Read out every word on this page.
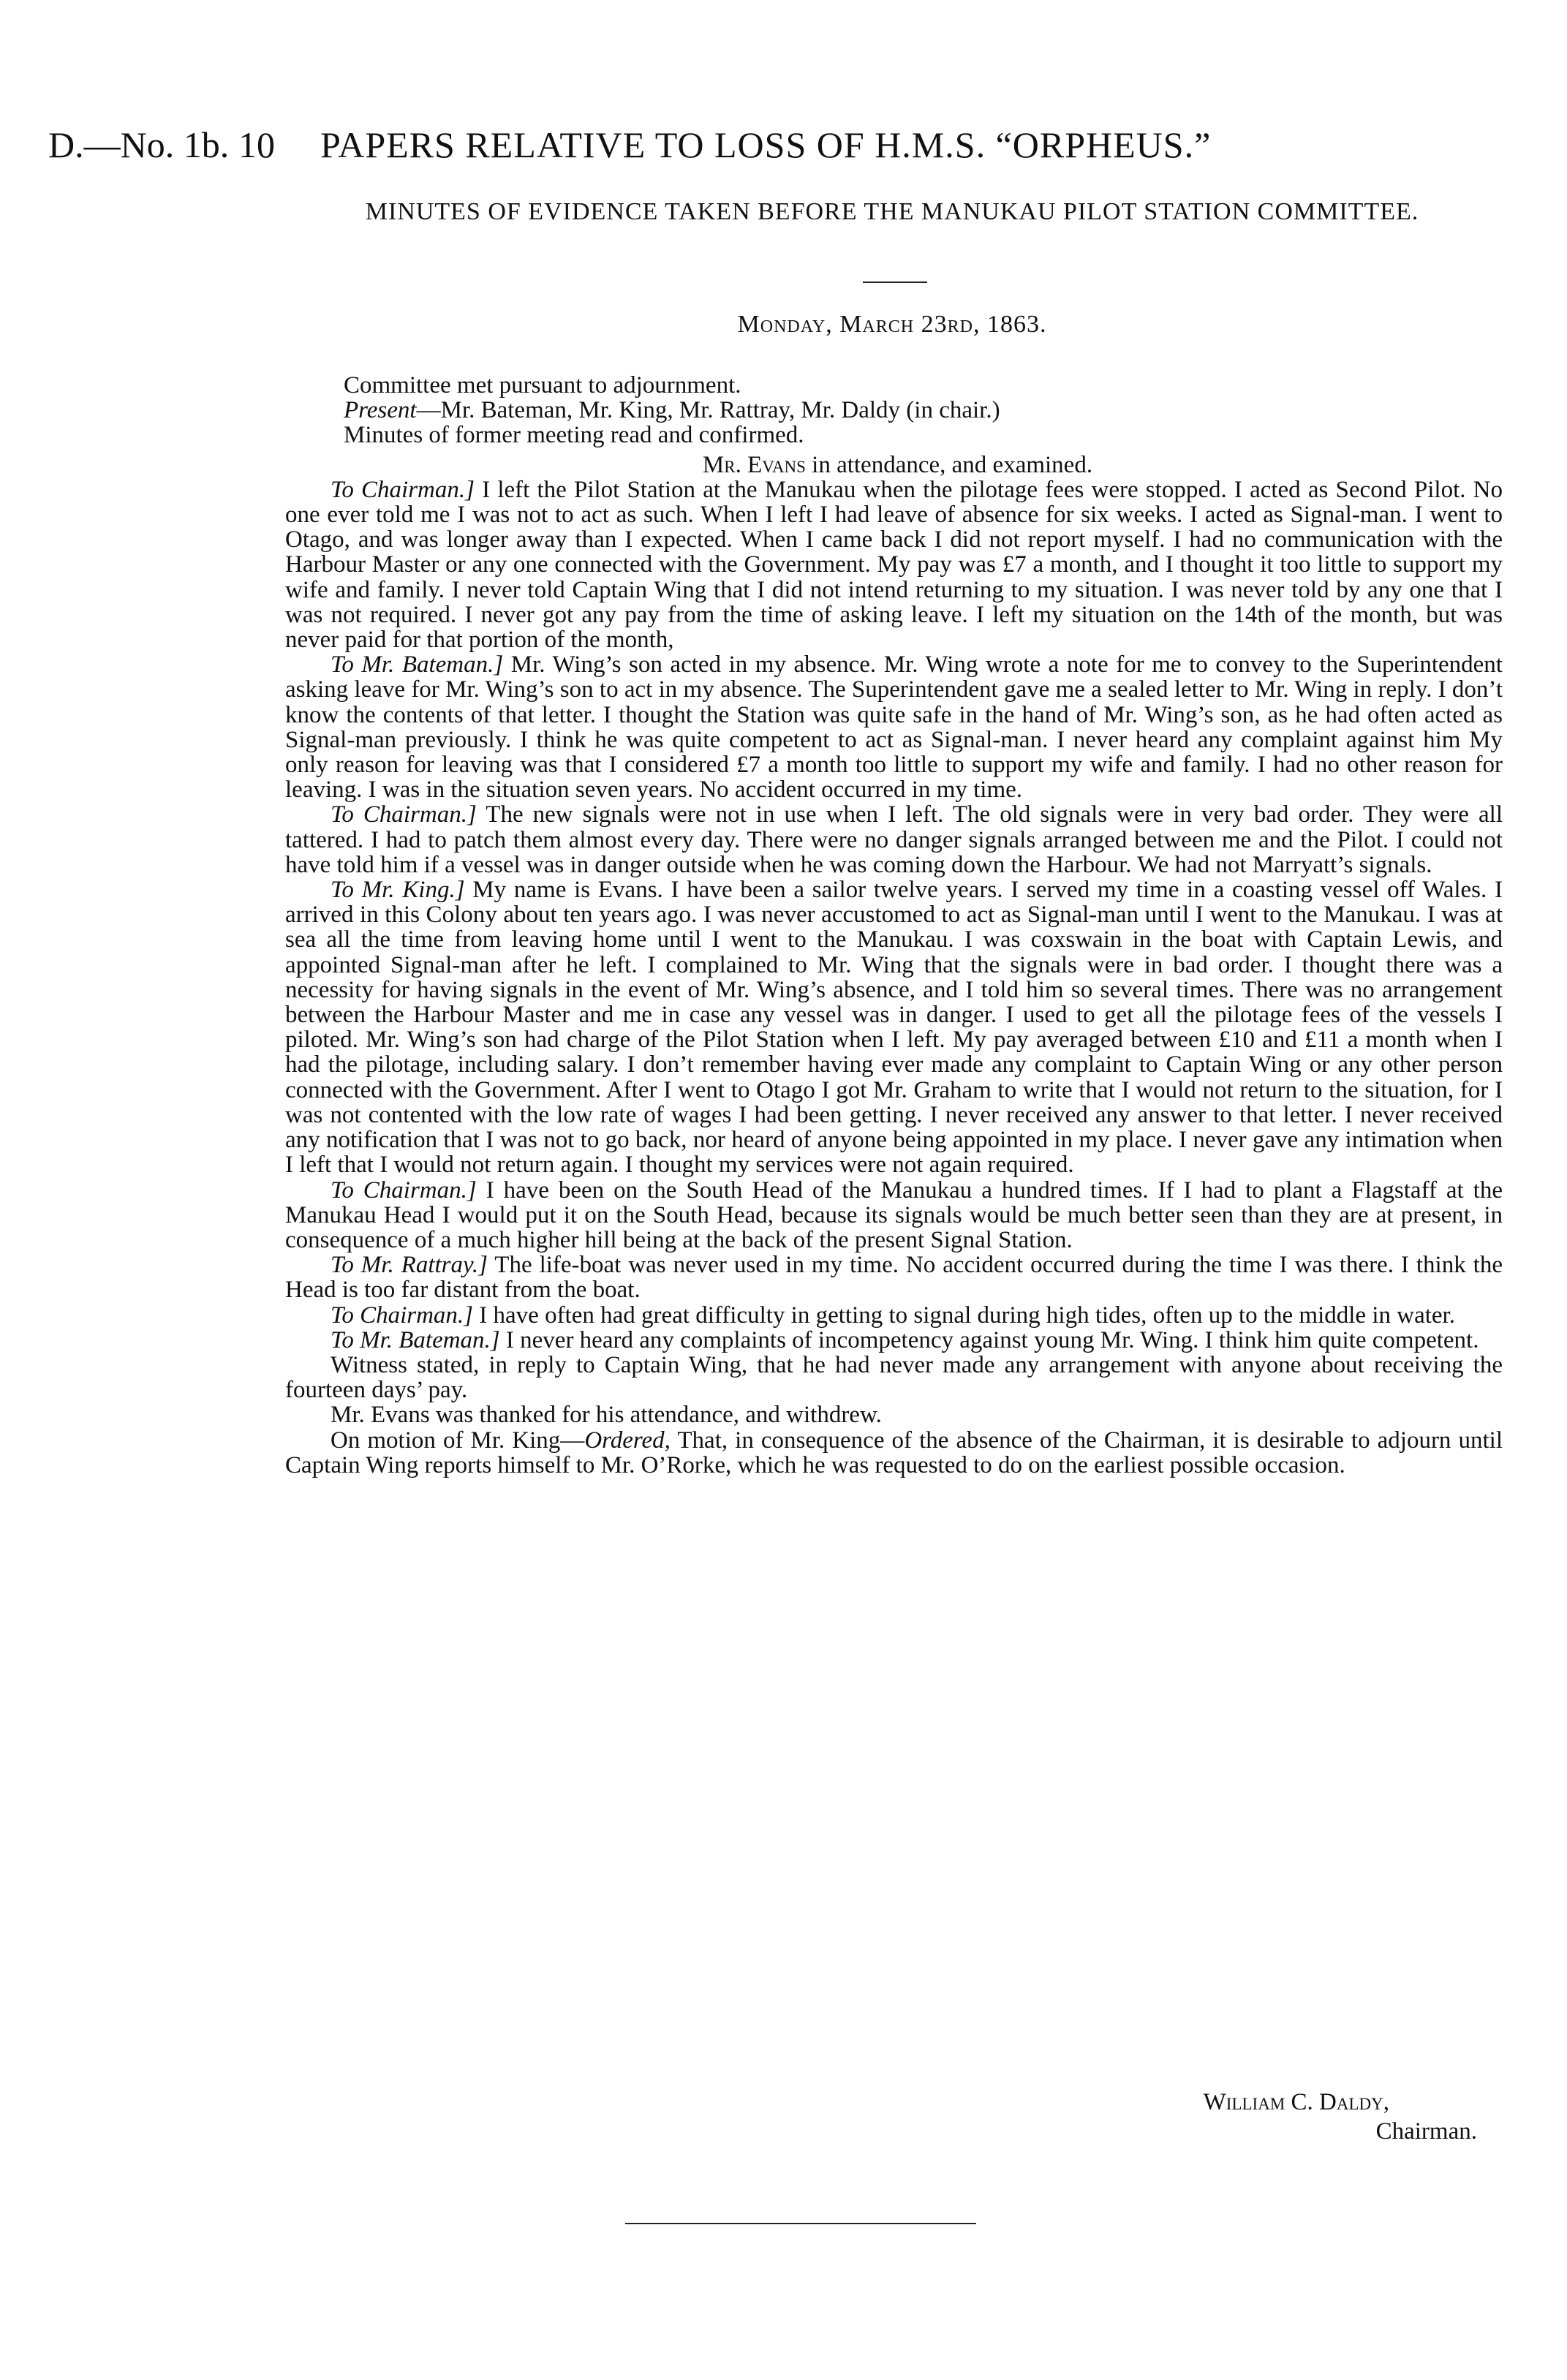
D.—No. 1b. 10 PAPERS RELATIVE TO LOSS OF H.M.S. “ORPHEUS.”
MINUTES OF EVIDENCE TAKEN BEFORE THE MANUKAU PILOT STATION COMMITTEE.
Monday, March 23rd, 1863.

Committee met pursuant to adjournment.

Present—Mr. Bateman, Mr. King, Mr. Rattray, Mr. Daldy (in chair.)

Minutes of former meeting read and confirmed.

Mr. Evans in attendance, and examined.

To Chairman.] I left the Pilot Station at the Manukau when the pilotage fees were stopped. I acted as Second Pilot. No one ever told me I was not to act as such. When I left I had leave of absence for six weeks. I acted as Signal-man. I went to Otago, and was longer away than I expected. When I came back I did not report myself. I had no communication with the Harbour Master or any one connected with the Government. My pay was £7 a month, and I thought it too little to support my wife and family. I never told Captain Wing that I did not intend returning to my situation. I was never told by any one that I was not required. I never got any pay from the time of asking leave. I left my situation on the 14th of the month, but was never paid for that portion of the month,

To Mr. Bateman.] Mr. Wing’s son acted in my absence. Mr. Wing wrote a note for me to convey to the Superintendent asking leave for Mr. Wing’s son to act in my absence. The Superintendent gave me a sealed letter to Mr. Wing in reply. I don’t know the contents of that letter. I thought the Station was quite safe in the hand of Mr. Wing’s son, as he had often acted as Signal-man previously. I think he was quite competent to act as Signal-man. I never heard any complaint against him My only reason for leaving was that I considered £7 a month too little to support my wife and family. I had no other reason for leaving. I was in the situation seven years. No accident occurred in my time.

To Chairman.] The new signals were not in use when I left. The old signals were in very bad order. They were all tattered. I had to patch them almost every day. There were no danger signals arranged between me and the Pilot. I could not have told him if a vessel was in danger outside when he was coming down the Harbour. We had not Marryatt’s signals.

To Mr. King.] My name is Evans. I have been a sailor twelve years. I served my time in a coasting vessel off Wales. I arrived in this Colony about ten years ago. I was never accustomed to act as Signal-man until I went to the Manukau. I was at sea all the time from leaving home until I went to the Manukau. I was coxswain in the boat with Captain Lewis, and appointed Signal-man after he left. I complained to Mr. Wing that the signals were in bad order. I thought there was a necessity for having signals in the event of Mr. Wing’s absence, and I told him so several times. There was no arrangement between the Harbour Master and me in case any vessel was in danger. I used to get all the pilotage fees of the vessels I piloted. Mr. Wing’s son had charge of the Pilot Station when I left. My pay averaged between £10 and £11 a month when I had the pilotage, including salary. I don’t remember having ever made any complaint to Captain Wing or any other person connected with the Government. After I went to Otago I got Mr. Graham to write that I would not return to the situation, for I was not contented with the low rate of wages I had been getting. I never received any answer to that letter. I never received any notification that I was not to go back, nor heard of anyone being appointed in my place. I never gave any intimation when I left that I would not return again. I thought my services were not again required.

To Chairman.] I have been on the South Head of the Manukau a hundred times. If I had to plant a Flagstaff at the Manukau Head I would put it on the South Head, because its signals would be much better seen than they are at present, in consequence of a much higher hill being at the back of the present Signal Station.

To Mr. Rattray.] The life-boat was never used in my time. No accident occurred during the time I was there. I think the Head is too far distant from the boat.

To Chairman.] I have often had great difficulty in getting to signal during high tides, often up to the middle in water.

To Mr. Bateman.] I never heard any complaints of incompetency against young Mr. Wing. I think him quite competent.

Witness stated, in reply to Captain Wing, that he had never made any arrangement with anyone about receiving the fourteen days’ pay.

Mr. Evans was thanked for his attendance, and withdrew.

On motion of Mr. King—Ordered, That, in consequence of the absence of the Chairman, it is desirable to adjourn until Captain Wing reports himself to Mr. O’Rorke, which he was requested to do on the earliest possible occasion.

William C. Daldy,
Chairman.
